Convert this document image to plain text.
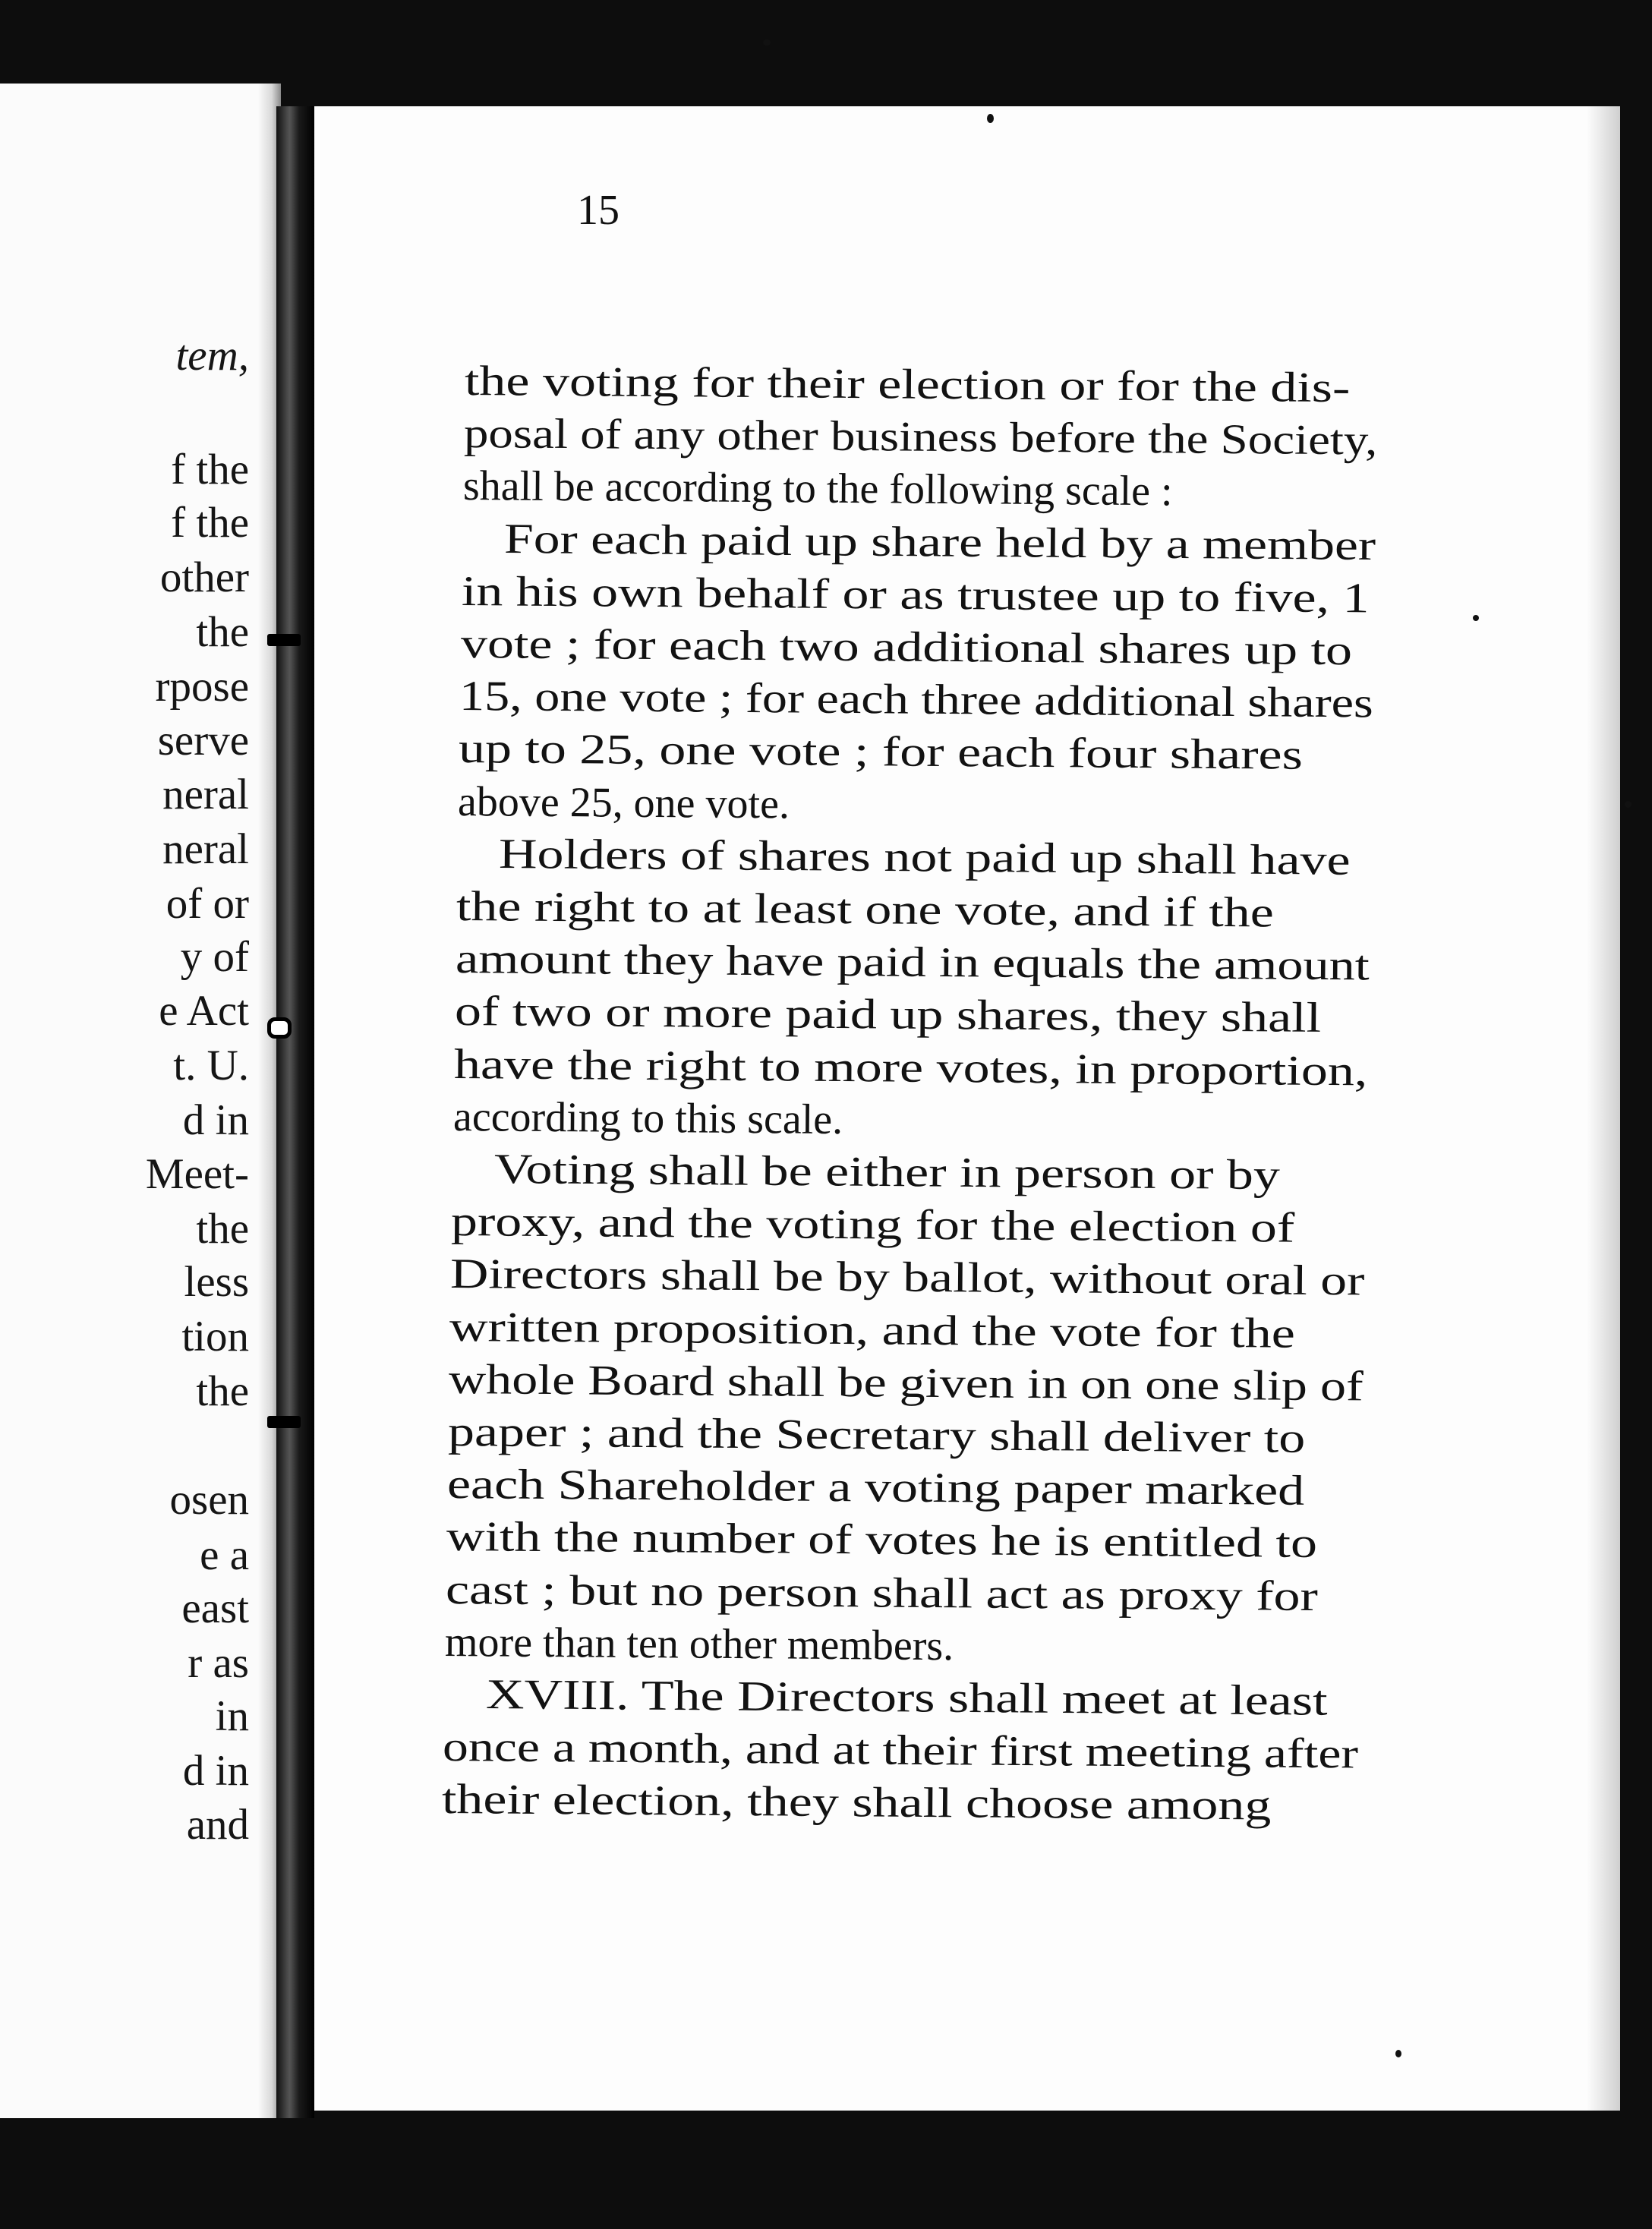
tem,
f the
f the
other
the
rpose
serve
neral
neral
of or
y of
e Act
t. U.
d in
Meet-
the
less
tion
the
osen
e a
east
r as
in
d in
and
15
the voting for their election or for the dis-
posal of any other business before the Society,
shall be according to the following scale :
For each paid up share held by a member
in his own behalf or as trustee up to five, 1
vote ; for each two additional shares up to
15, one vote ; for each three additional shares
up to 25, one vote ; for each four shares
above 25, one vote.
Holders of shares not paid up shall have
the right to at least one vote, and if the
amount they have paid in equals the amount
of two or more paid up shares, they shall
have the right to more votes, in proportion,
according to this scale.
Voting shall be either in person or by
proxy, and the voting for the election of
Directors shall be by ballot, without oral or
written proposition, and the vote for the
whole Board shall be given in on one slip of
paper ; and the Secretary shall deliver to
each Shareholder a voting paper marked
with the number of votes he is entitled to
cast ; but no person shall act as proxy for
more than ten other members.
XVIII. The Directors shall meet at least
once a month, and at their first meeting after
their election, they shall choose among
